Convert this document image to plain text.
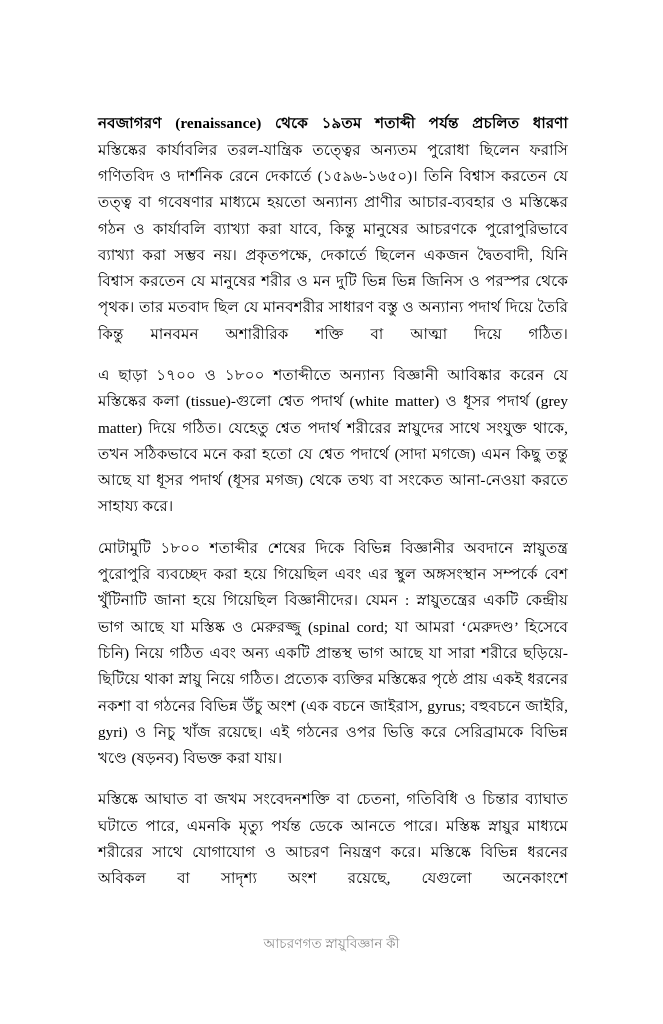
নবজাগরণ (renaissance) থেকে ১৯তম শতাব্দী পর্যন্ত প্রচলিত ধারণা

মস্তিষ্কের কার্যাবলির তরল-যান্ত্রিক তত্ত্বের অন্যতম পুরোধা ছিলেন ফরাসি গণিতবিদ ও দার্শনিক রেনে দেকার্তে (১৫৯৬-১৬৫০)। তিনি বিশ্বাস করতেন যে তত্ত্ব বা গবেষণার মাধ্যমে হয়তো অন্যান্য প্রাণীর আচার-ব্যবহার ও মস্তিষ্কের গঠন ও কার্যাবলি ব্যাখ্যা করা যাবে, কিন্তু মানুষের আচরণকে পুরোপুরিভাবে ব্যাখ্যা করা সম্ভব নয়। প্রকৃতপক্ষে, দেকার্তে ছিলেন একজন দ্বৈতবাদী, যিনি বিশ্বাস করতেন যে মানুষের শরীর ও মন দুটি ভিন্ন ভিন্ন জিনিস ও পরস্পর থেকে পৃথক। তার মতবাদ ছিল যে মানবশরীর সাধারণ বস্তু ও অন্যান্য পদার্থ দিয়ে তৈরি কিন্তু মানবমন অশারীরিক শক্তি বা আত্মা দিয়ে গঠিত।

এ ছাড়া ১৭০০ ও ১৮০০ শতাব্দীতে অন্যান্য বিজ্ঞানী আবিষ্কার করেন যে মস্তিষ্কের কলা (tissue)-গুলো শ্বেত পদার্থ (white matter) ও ধূসর পদার্থ (grey matter) দিয়ে গঠিত। যেহেতু শ্বেত পদার্থ শরীরের স্নায়ুদের সাথে সংযুক্ত থাকে, তখন সঠিকভাবে মনে করা হতো যে শ্বেত পদার্থে (সাদা মগজে) এমন কিছু তন্তু আছে যা ধূসর পদার্থ (ধূসর মগজ) থেকে তথ্য বা সংকেত আনা-নেওয়া করতে সাহায্য করে।

মোটামুটি ১৮০০ শতাব্দীর শেষের দিকে বিভিন্ন বিজ্ঞানীর অবদানে স্নায়ুতন্ত্র পুরোপুরি ব্যবচ্ছেদ করা হয়ে গিয়েছিল এবং এর স্থুল অঙ্গসংস্থান সম্পর্কে বেশ খুঁটিনাটি জানা হয়ে গিয়েছিল বিজ্ঞানীদের। যেমন : স্নায়ুতন্ত্রের একটি কেন্দ্রীয় ভাগ আছে যা মস্তিষ্ক ও মেরুরজ্জু (spinal cord; যা আমরা ‘মেরুদণ্ড’ হিসেবে চিনি) নিয়ে গঠিত এবং অন্য একটি প্রান্তস্থ ভাগ আছে যা সারা শরীরে ছড়িয়ে-ছিটিয়ে থাকা স্নায়ু নিয়ে গঠিত। প্রত্যেক ব্যক্তির মস্তিষ্কের পৃষ্ঠে প্রায় একই ধরনের নকশা বা গঠনের বিভিন্ন উঁচু অংশ (এক বচনে জাইরাস, gyrus; বহুবচনে জাইরি, gyri) ও নিচু খাঁজ রয়েছে। এই গঠনের ওপর ভিত্তি করে সেরিব্রামকে বিভিন্ন খণ্ডে (ষড়নব) বিভক্ত করা যায়।

মস্তিষ্কে আঘাত বা জখম সংবেদনশক্তি বা চেতনা, গতিবিধি ও চিন্তার ব্যাঘাত ঘটাতে পারে, এমনকি মৃত্যু পর্যন্ত ডেকে আনতে পারে। মস্তিষ্ক স্নায়ুর মাধ্যমে শরীরের সাথে যোগাযোগ ও আচরণ নিয়ন্ত্রণ করে। মস্তিষ্কে বিভিন্ন ধরনের অবিকল বা সাদৃশ্য অংশ রয়েছে, যেগুলো অনেকাংশে

আচরণগত স্নায়ুবিজ্ঞান কী
